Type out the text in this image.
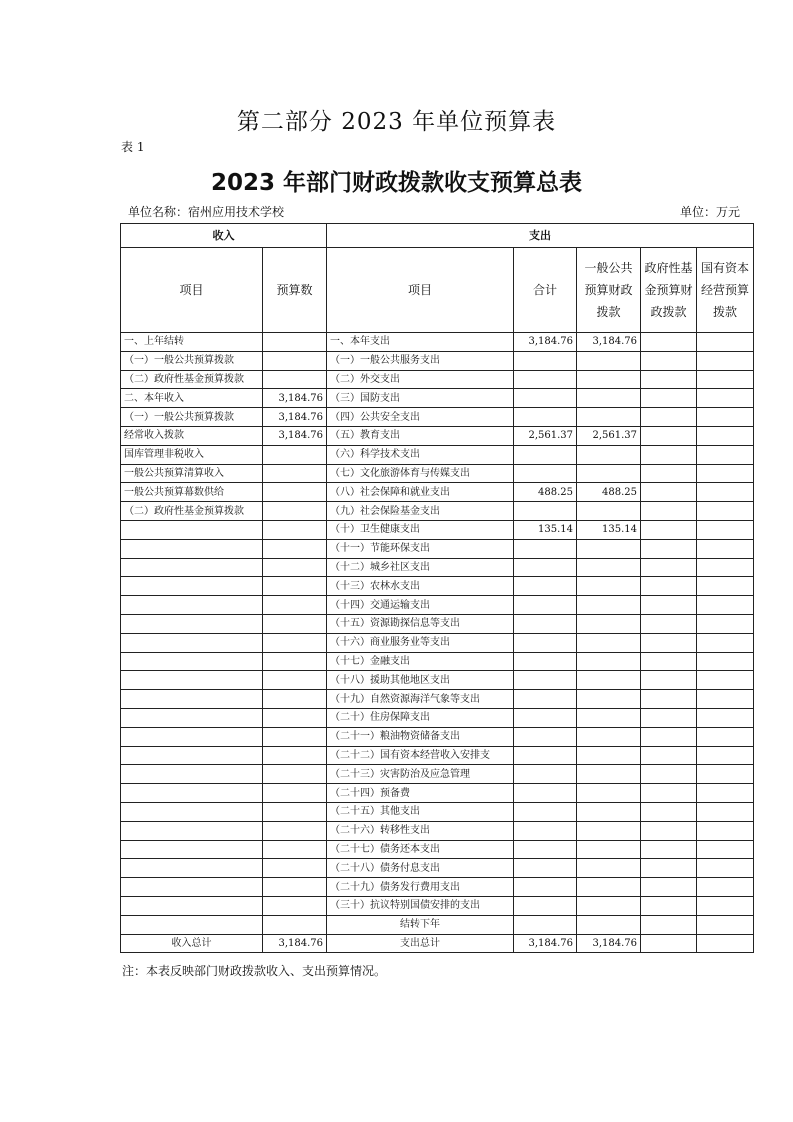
第二部分 2023 年单位预算表
表 1
2023 年部门财政拨款收支预算总表
单位名称：宿州应用技术学校	单位：万元
收入		支出				
项目	预算数	项目	合计	一般公共预算财政拨款	政府性基金预算财政拨款	国有资本经营预算拨款
一、上年结转		一、本年支出	3,184.76	3,184.76		
（一）一般公共预算拨款		（一）一般公共服务支出				
（二）政府性基金预算拨款		（二）外交支出				
二、本年收入	3,184.76	（三）国防支出				
（一）一般公共预算拨款	3,184.76	（四）公共安全支出				
经常收入拨款	3,184.76	（五）教育支出	2,561.37	2,561.37		
国库管理非税收入		（六）科学技术支出				
一般公共预算清算收入		（七）文化旅游体育与传媒支出				
一般公共预算幕数供给		（八）社会保障和就业支出	488.25	488.25		
（二）政府性基金预算拨款		（九）社会保险基金支出				
		（十）卫生健康支出	135.14	135.14		
		（十一）节能环保支出				
		（十二）城乡社区支出				
		（十三）农林水支出				
		（十四）交通运输支出				
		（十五）资源勘探信息等支出				
		（十六）商业服务业等支出				
		（十七）金融支出				
		（十八）援助其他地区支出				
		（十九）自然资源海洋气象等支出				
		（二十）住房保障支出				
		（二十一）粮油物资储备支出				
		（二十二）国有资本经营收入安排支				
		（二十三）灾害防治及应急管理				
		（二十四）预备费				
		（二十五）其他支出				
		（二十六）转移性支出				
		（二十七）债务还本支出				
		（二十八）债务付息支出				
		（二十九）债务发行费用支出				
		（三十）抗议特别国债安排的支出				
		结转下年				
收入总计	3,184.76	支出总计	3,184.76	3,184.76		
注：本表反映部门财政拨款收入、支出预算情况。
